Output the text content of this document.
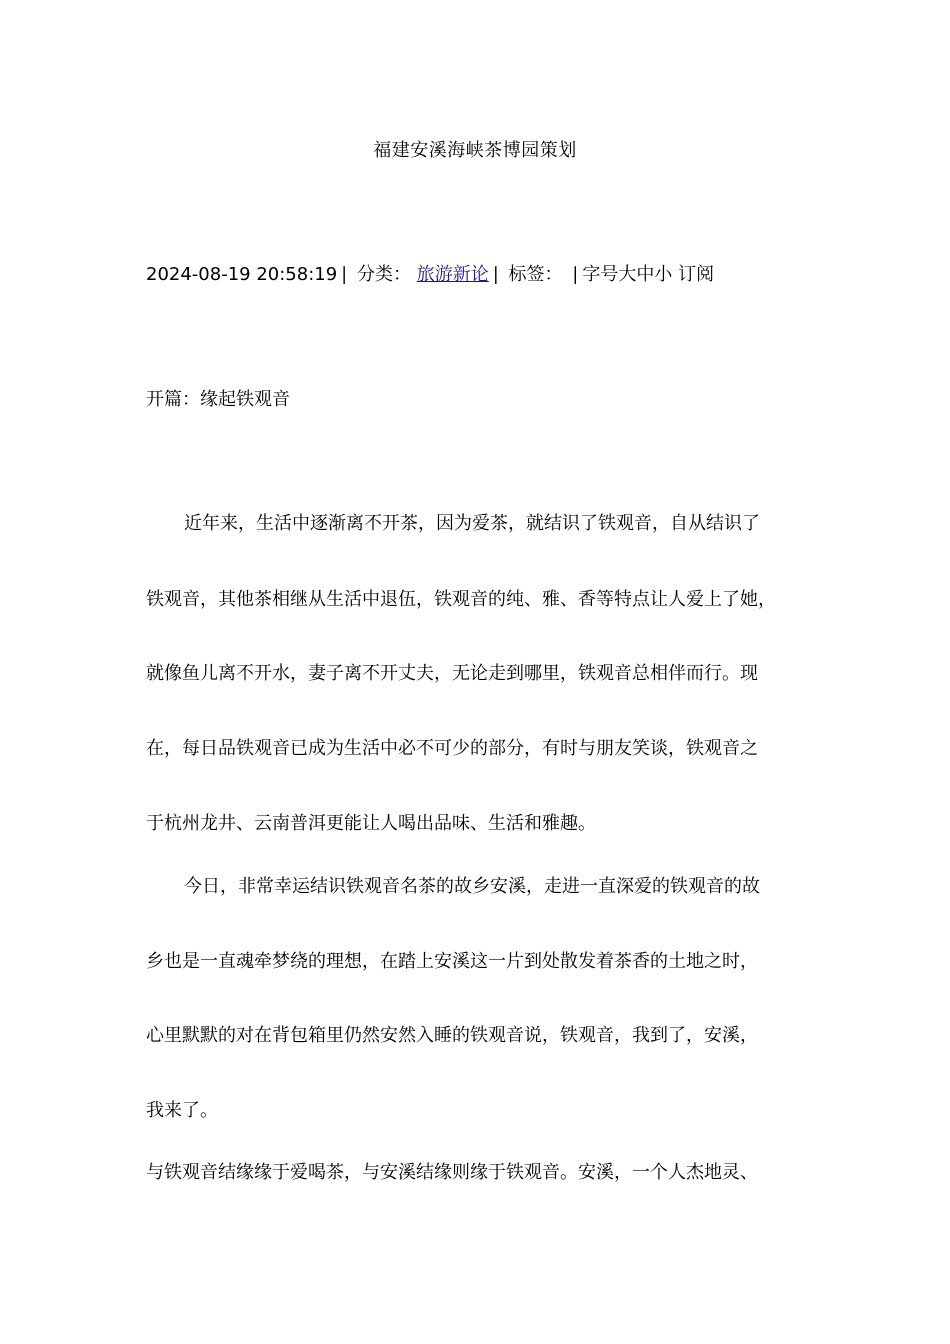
福建安溪海峡茶博园策划
2024-08-19 20:58:19 | 分类： 旅游新论 | 标签： | 字号大中小 订阅
开篇：缘起铁观音
近年来，生活中逐渐离不开茶，因为爱茶，就结识了铁观音，自从结识了
铁观音，其他茶相继从生活中退伍，铁观音的纯、雅、香等特点让人爱上了她，
就像鱼儿离不开水，妻子离不开丈夫，无论走到哪里，铁观音总相伴而行。现
在，每日品铁观音已成为生活中必不可少的部分，有时与朋友笑谈，铁观音之
于杭州龙井、云南普洱更能让人喝出品味、生活和雅趣。
今日，非常幸运结识铁观音名茶的故乡安溪，走进一直深爱的铁观音的故
乡也是一直魂牵梦绕的理想，在踏上安溪这一片到处散发着茶香的土地之时，
心里默默的对在背包箱里仍然安然入睡的铁观音说，铁观音，我到了，安溪，
我来了。
与铁观音结缘缘于爱喝茶，与安溪结缘则缘于铁观音。安溪，一个人杰地灵、
